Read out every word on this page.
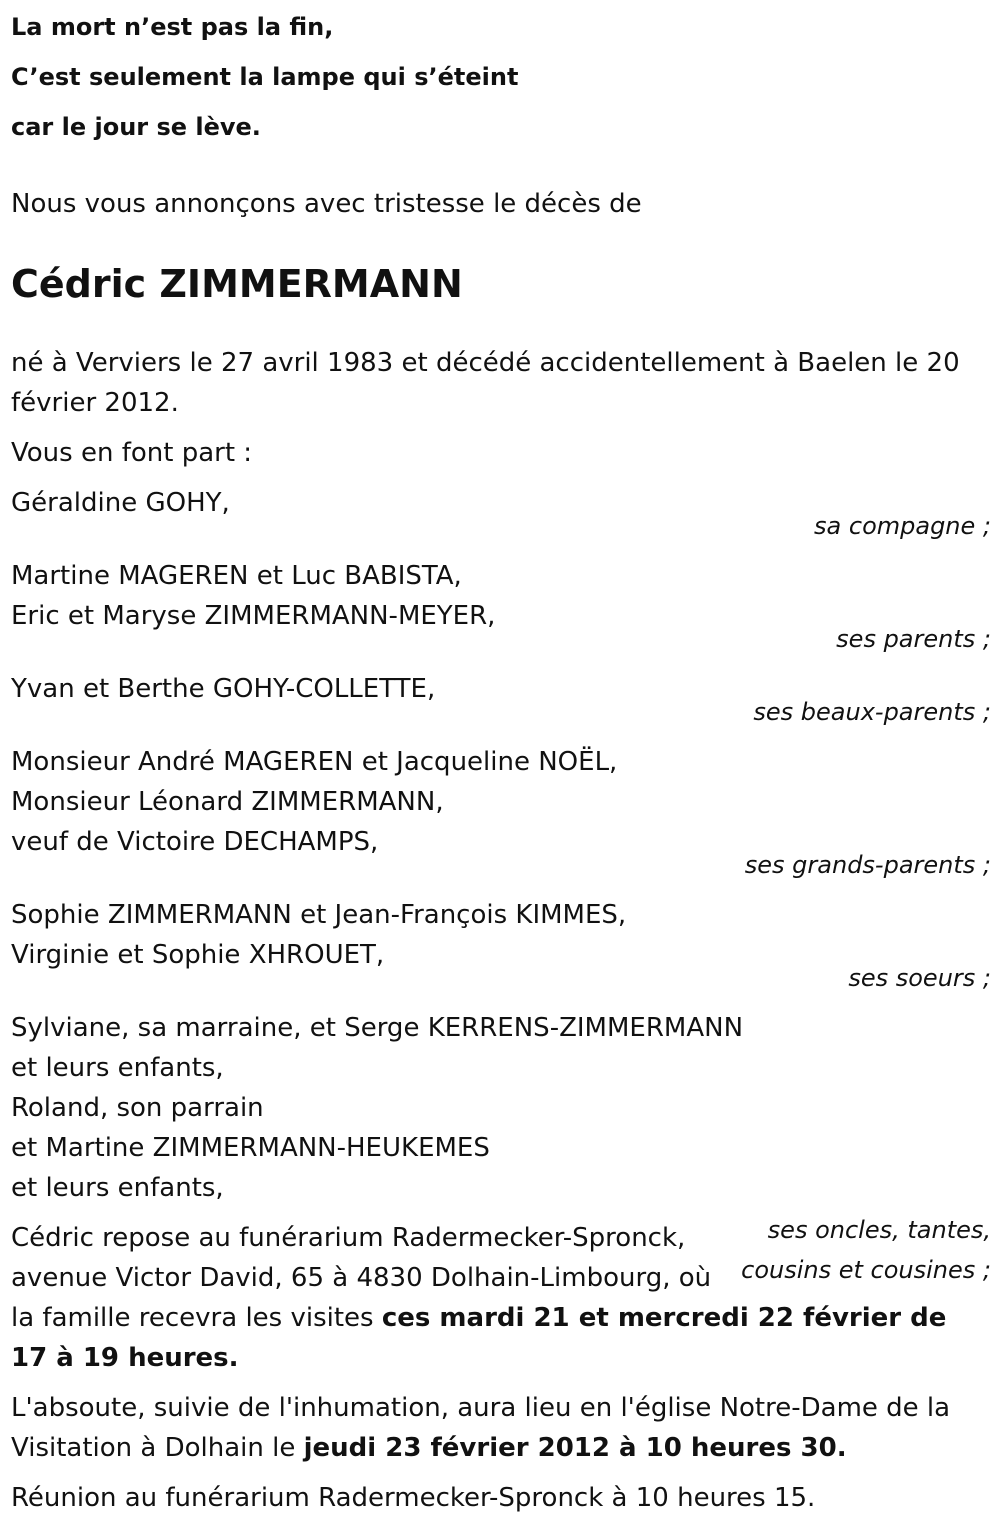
La mort n’est pas la fin,
C’est seulement la lampe qui s’éteint
car le jour se lève.
Nous vous annonçons avec tristesse le décès de
Cédric ZIMMERMANN
né à Verviers le 27 avril 1983 et décédé accidentellement à Baelen le 20 février 2012.
Vous en font part :
Géraldine GOHY,
sa compagne ;
Martine MAGEREN et Luc BABISTA,
Eric et Maryse ZIMMERMANN-MEYER,
ses parents ;
Yvan et Berthe GOHY-COLLETTE,
ses beaux-parents ;
Monsieur André MAGEREN et Jacqueline NOËL,
Monsieur Léonard ZIMMERMANN,
veuf de Victoire DECHAMPS,
ses grands-parents ;
Sophie ZIMMERMANN et Jean-François KIMMES,
Virginie et Sophie XHROUET,
ses soeurs ;
Sylviane, sa marraine, et Serge KERRENS-ZIMMERMANN
et leurs enfants,
Roland, son parrain
et Martine ZIMMERMANN-HEUKEMES
et leurs enfants,
ses oncles, tantes, cousins et cousines ;
Cédric repose au funérarium Radermecker-Spronck, avenue Victor David, 65 à 4830 Dolhain-Limbourg, où la famille recevra les visites ces mardi 21 et mercredi 22 février de 17 à 19 heures.
L'absoute, suivie de l'inhumation, aura lieu en l'église Notre-Dame de la Visitation à Dolhain le jeudi 23 février 2012 à 10 heures 30.
Réunion au funérarium Radermecker-Spronck à 10 heures 15.
